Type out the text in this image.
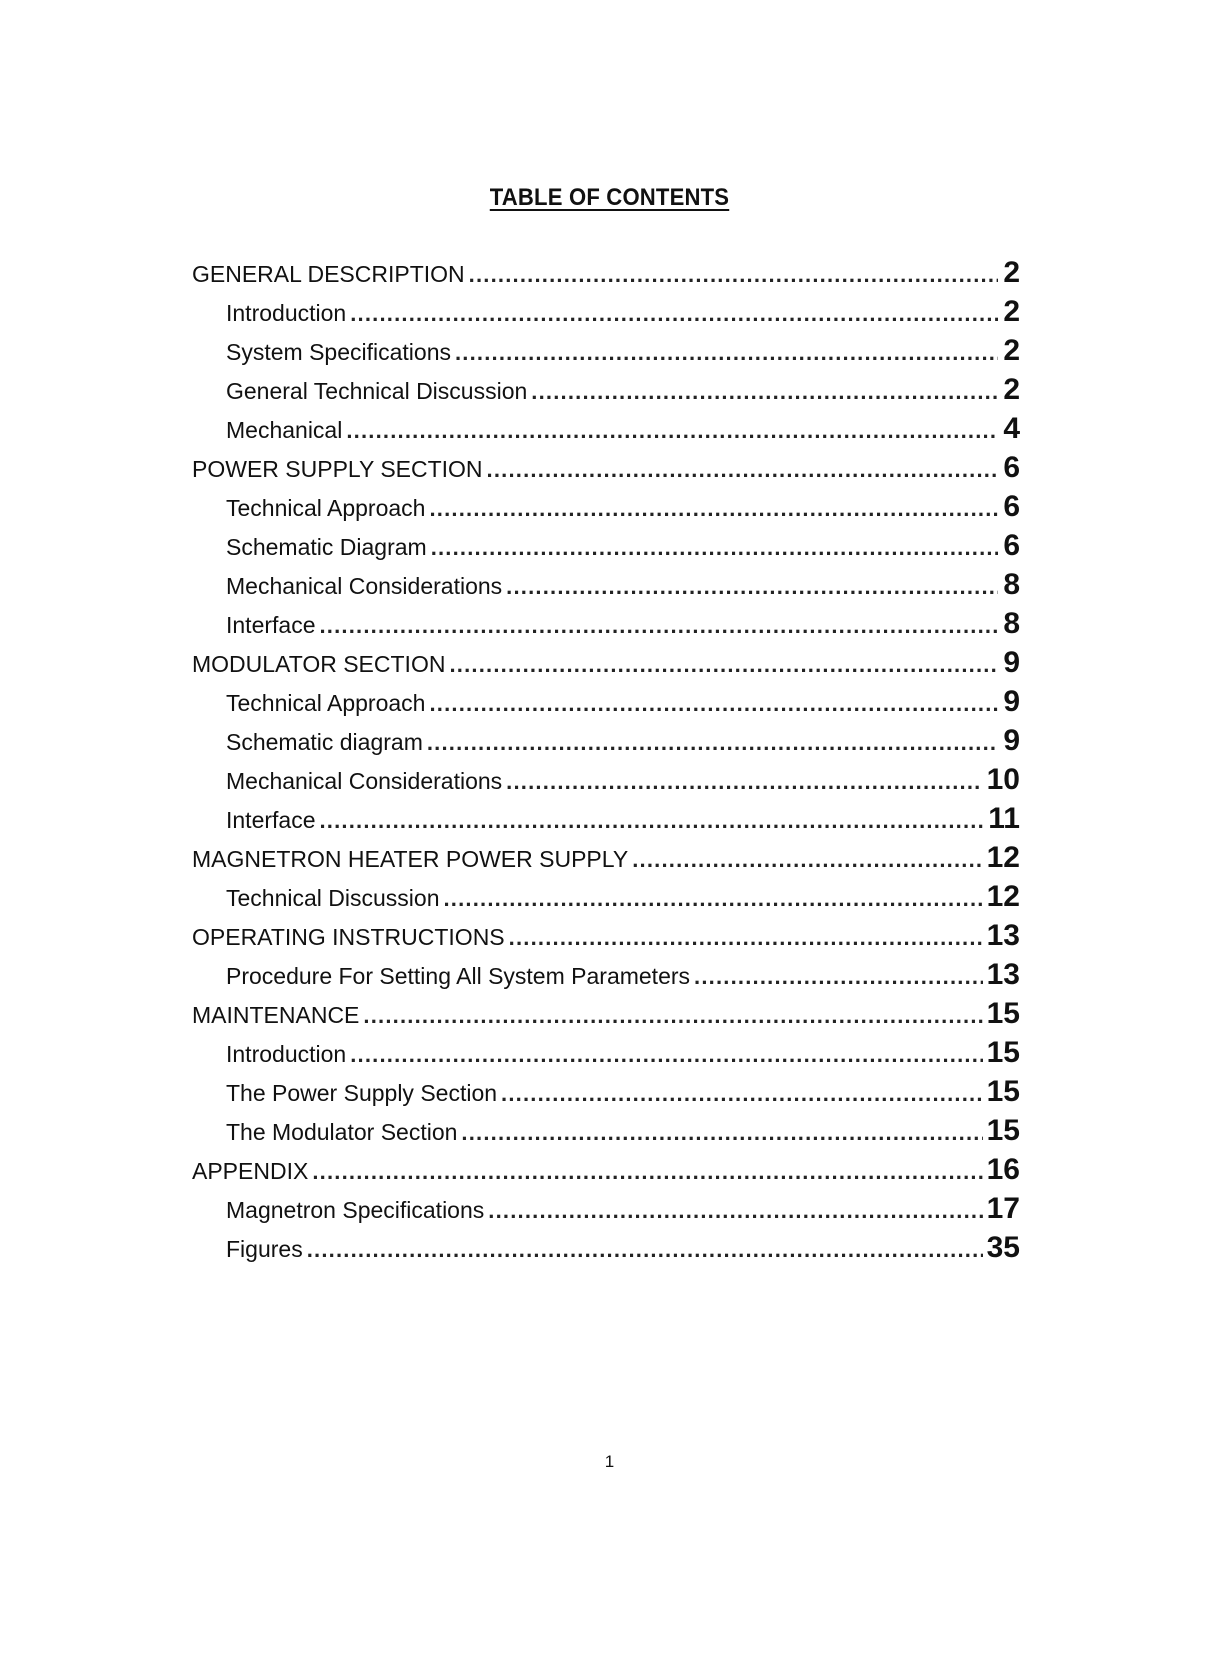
TABLE OF CONTENTS
GENERAL DESCRIPTION .....	2
Introduction .....	2
System Specifications .....	2
General Technical Discussion .....	2
Mechanical .....	4
POWER SUPPLY SECTION .....	6
Technical Approach .....	6
Schematic Diagram .....	6
Mechanical Considerations .....	8
Interface .....	8
MODULATOR SECTION .....	9
Technical Approach .....	9
Schematic diagram .....	9
Mechanical Considerations .....	10
Interface .....	11
MAGNETRON HEATER POWER SUPPLY .....	12
Technical Discussion .....	12
OPERATING INSTRUCTIONS .....	13
Procedure For Setting All System Parameters .....	13
MAINTENANCE .....	15
Introduction .....	15
The Power Supply Section .....	15
The Modulator Section .....	15
APPENDIX .....	16
Magnetron Specifications .....	17
Figures .....	35
1
